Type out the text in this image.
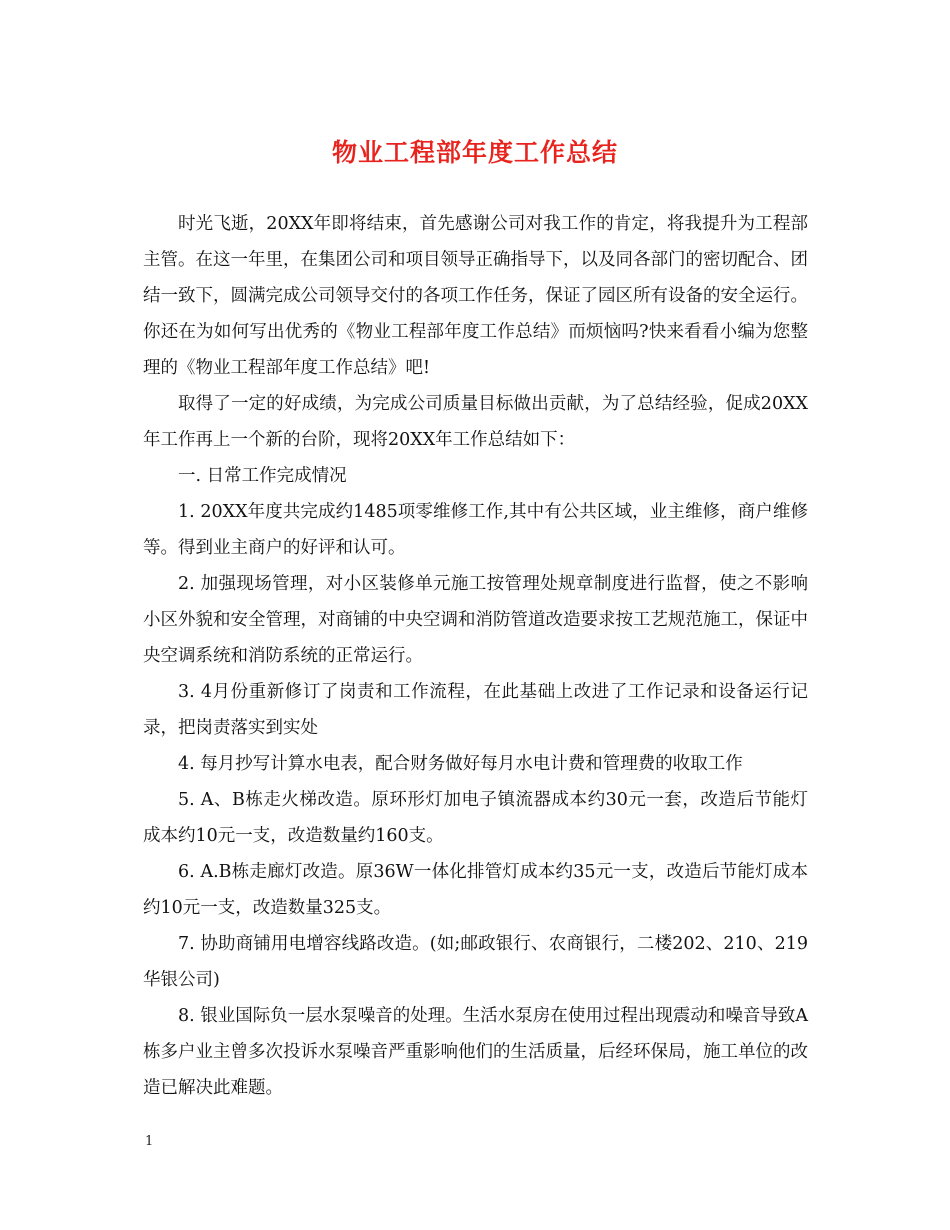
物业工程部年度工作总结

时光飞逝，20XX年即将结束，首先感谢公司对我工作的肯定，将我提升为工程部主管。在这一年里，在集团公司和项目领导正确指导下，以及同各部门的密切配合、团结一致下，圆满完成公司领导交付的各项工作任务，保证了园区所有设备的安全运行。你还在为如何写出优秀的《物业工程部年度工作总结》而烦恼吗?快来看看小编为您整理的《物业工程部年度工作总结》吧!

取得了一定的好成绩，为完成公司质量目标做出贡献，为了总结经验，促成20XX年工作再上一个新的台阶，现将20XX年工作总结如下：

一. 日常工作完成情况

1. 20XX年度共完成约1485项零维修工作,其中有公共区域，业主维修，商户维修等。得到业主商户的好评和认可。

2. 加强现场管理，对小区装修单元施工按管理处规章制度进行监督，使之不影响小区外貌和安全管理，对商铺的中央空调和消防管道改造要求按工艺规范施工，保证中央空调系统和消防系统的正常运行。

3. 4月份重新修订了岗责和工作流程，在此基础上改进了工作记录和设备运行记录，把岗责落实到实处

4. 每月抄写计算水电表，配合财务做好每月水电计费和管理费的收取工作

5. A、B栋走火梯改造。原环形灯加电子镇流器成本约30元一套，改造后节能灯成本约10元一支，改造数量约160支。

6. A.B栋走廊灯改造。原36W一体化排管灯成本约35元一支，改造后节能灯成本约10元一支，改造数量325支。

7. 协助商铺用电增容线路改造。(如;邮政银行、农商银行，二楼202、210、219华银公司)

8. 银业国际负一层水泵噪音的处理。生活水泵房在使用过程出现震动和噪音导致A栋多户业主曾多次投诉水泵噪音严重影响他们的生活质量，后经环保局，施工单位的改造已解决此难题。

1
